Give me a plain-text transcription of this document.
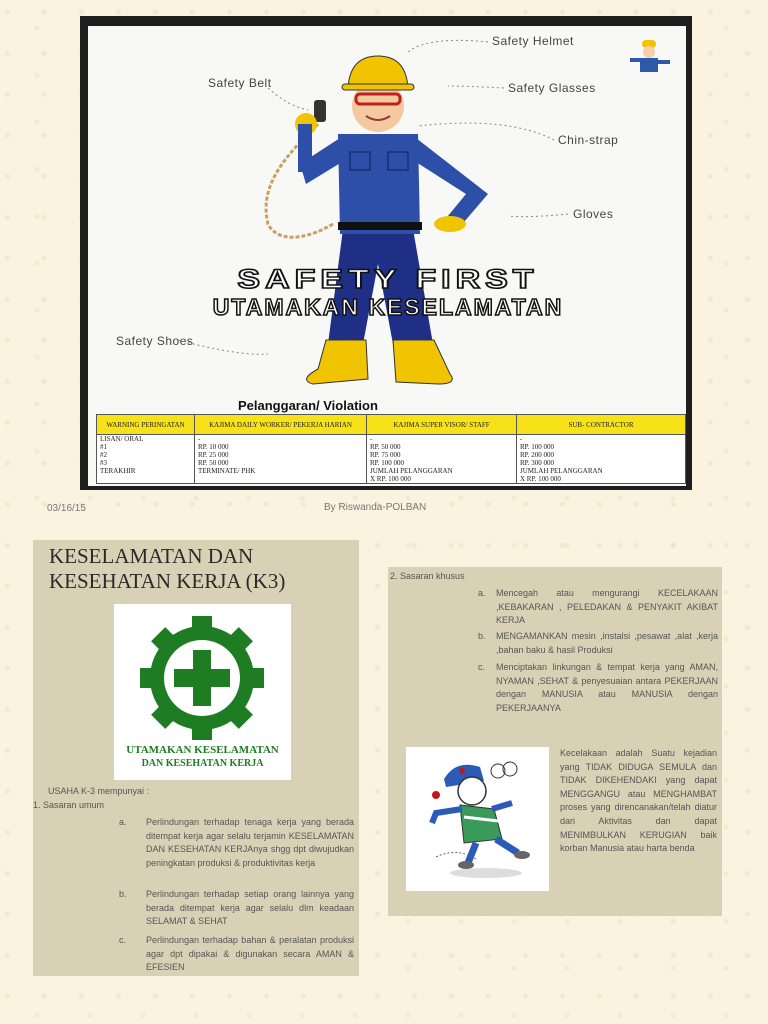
Safety Helmet
Safety Belt	Safety Glasses
Chin-strap
Gloves
Safety Shoes
SAFETY FIRST
UTAMAKAN KESELAMATAN
Pelanggaran/ Violation
WARNING PERINGATAN	KAJIMA DAILY WORKER/ PEKERJA HARIAN	KAJIMA SUPER VISOR/ STAFF	SUB- CONTRACTOR
LISAN/ ORAL	-	-	-
#1	RP. 10 000	RP. 50 000	RP. 100 000
#2	RP. 25 000	RP. 75 000	RP. 200 000
#3	RP. 50 000	RP. 100 000	RP. 300 000
TERAKHIR	TERMINATE/ PHK	JUMLAH PELANGGARAN	JUMLAH PELANGGARAN
		X RP. 100 000	X RP. 100 000
03/16/15	By Riswanda-POLBAN
KESELAMATAN DAN
KESEHATAN KERJA (K3)
UTAMAKAN KESELAMATAN
DAN KESEHATAN KERJA
USAHA K-3 mempunyai :
1. Sasaran umum
a. Perlindungan terhadap tenaga kerja yang berada ditempat kerja agar selalu terjamin KESELAMATAN DAN KESEHATAN KERJAnya shgg dpt diwujudkan peningkatan produksi & produktivitas kerja
b. Perlindungan terhadap setiap orang lainnya yang berada ditempat kerja agar selalu dlm keadaan SELAMAT & SEHAT
c. Perlindungan terhadap bahan & peralatan produksi agar dpt dipakai & digunakan secara AMAN & EFESIEN
2. Sasaran khusus
a. Mencegah atau mengurangi KECELAKAAN ,KEBAKARAN , PELEDAKAN & PENYAKIT AKIBAT KERJA
b. MENGAMANKAN mesin ,instalsi ,pesawat ,alat ,kerja ,bahan baku & hasil Produksi
c. Menciptakan linkungan & tempat kerja yang AMAN, NYAMAN ,SEHAT & penyesuaian antara PEKERJAAN dengan MANUSIA atau MANUSIA dengan PEKERJAANYA
Kecelakaan adalah Suatu kejadian yang TIDAK DIDUGA SEMULA dan TIDAK DIKEHENDAKI yang dapat MENGGANGU atau MENGHAMBAT proses yang direncanakan/telah diatur dari Aktivitas dan dapat MENIMBULKAN KERUGIAN baik korban Manusia atau harta benda
